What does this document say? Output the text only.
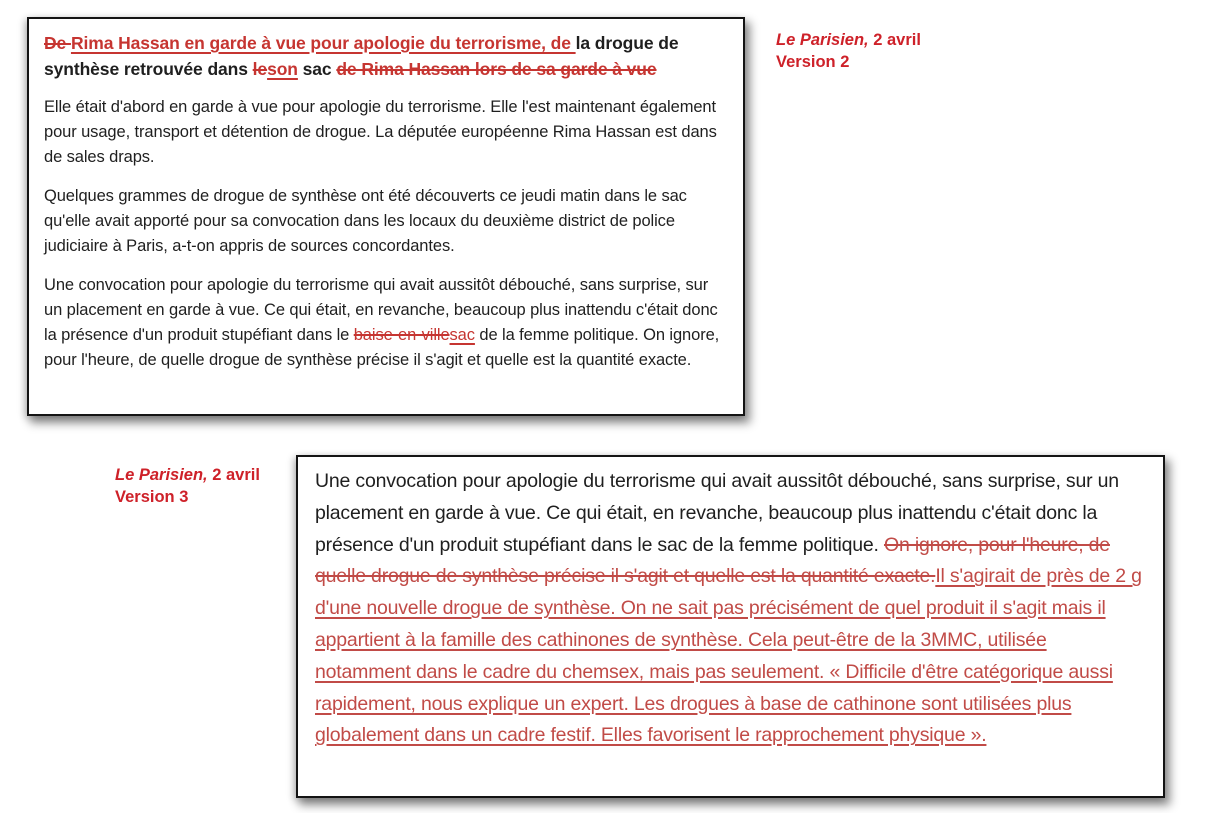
De Rima Hassan en garde à vue pour apologie du terrorisme, de la drogue de synthèse retrouvée dans leson sac de Rima Hassan lors de sa garde à vue

Elle était d'abord en garde à vue pour apologie du terrorisme. Elle l'est maintenant également pour usage, transport et détention de drogue. La députée européenne Rima Hassan est dans de sales draps.

Quelques grammes de drogue de synthèse ont été découverts ce jeudi matin dans le sac qu'elle avait apporté pour sa convocation dans les locaux du deuxième district de police judiciaire à Paris, a-t-on appris de sources concordantes.

Une convocation pour apologie du terrorisme qui avait aussitôt débouché, sans surprise, sur un placement en garde à vue. Ce qui était, en revanche, beaucoup plus inattendu c'était donc la présence d'un produit stupéfiant dans le baise-en-villesac de la femme politique. On ignore, pour l'heure, de quelle drogue de synthèse précise il s'agit et quelle est la quantité exacte.

Le Parisien, 2 avril
Version 2
Le Parisien, 2 avril
Version 3

Une convocation pour apologie du terrorisme qui avait aussitôt débouché, sans surprise, sur un placement en garde à vue. Ce qui était, en revanche, beaucoup plus inattendu c'était donc la présence d'un produit stupéfiant dans le sac de la femme politique. On ignore, pour l'heure, de quelle drogue de synthèse précise il s'agit et quelle est la quantité exacte.Il s'agirait de près de 2 g d'une nouvelle drogue de synthèse. On ne sait pas précisément de quel produit il s'agit mais il appartient à la famille des cathinones de synthèse. Cela peut-être de la 3MMC, utilisée notamment dans le cadre du chemsex, mais pas seulement. « Difficile d'être catégorique aussi rapidement, nous explique un expert. Les drogues à base de cathinone sont utilisées plus globalement dans un cadre festif. Elles favorisent le rapprochement physique ».
